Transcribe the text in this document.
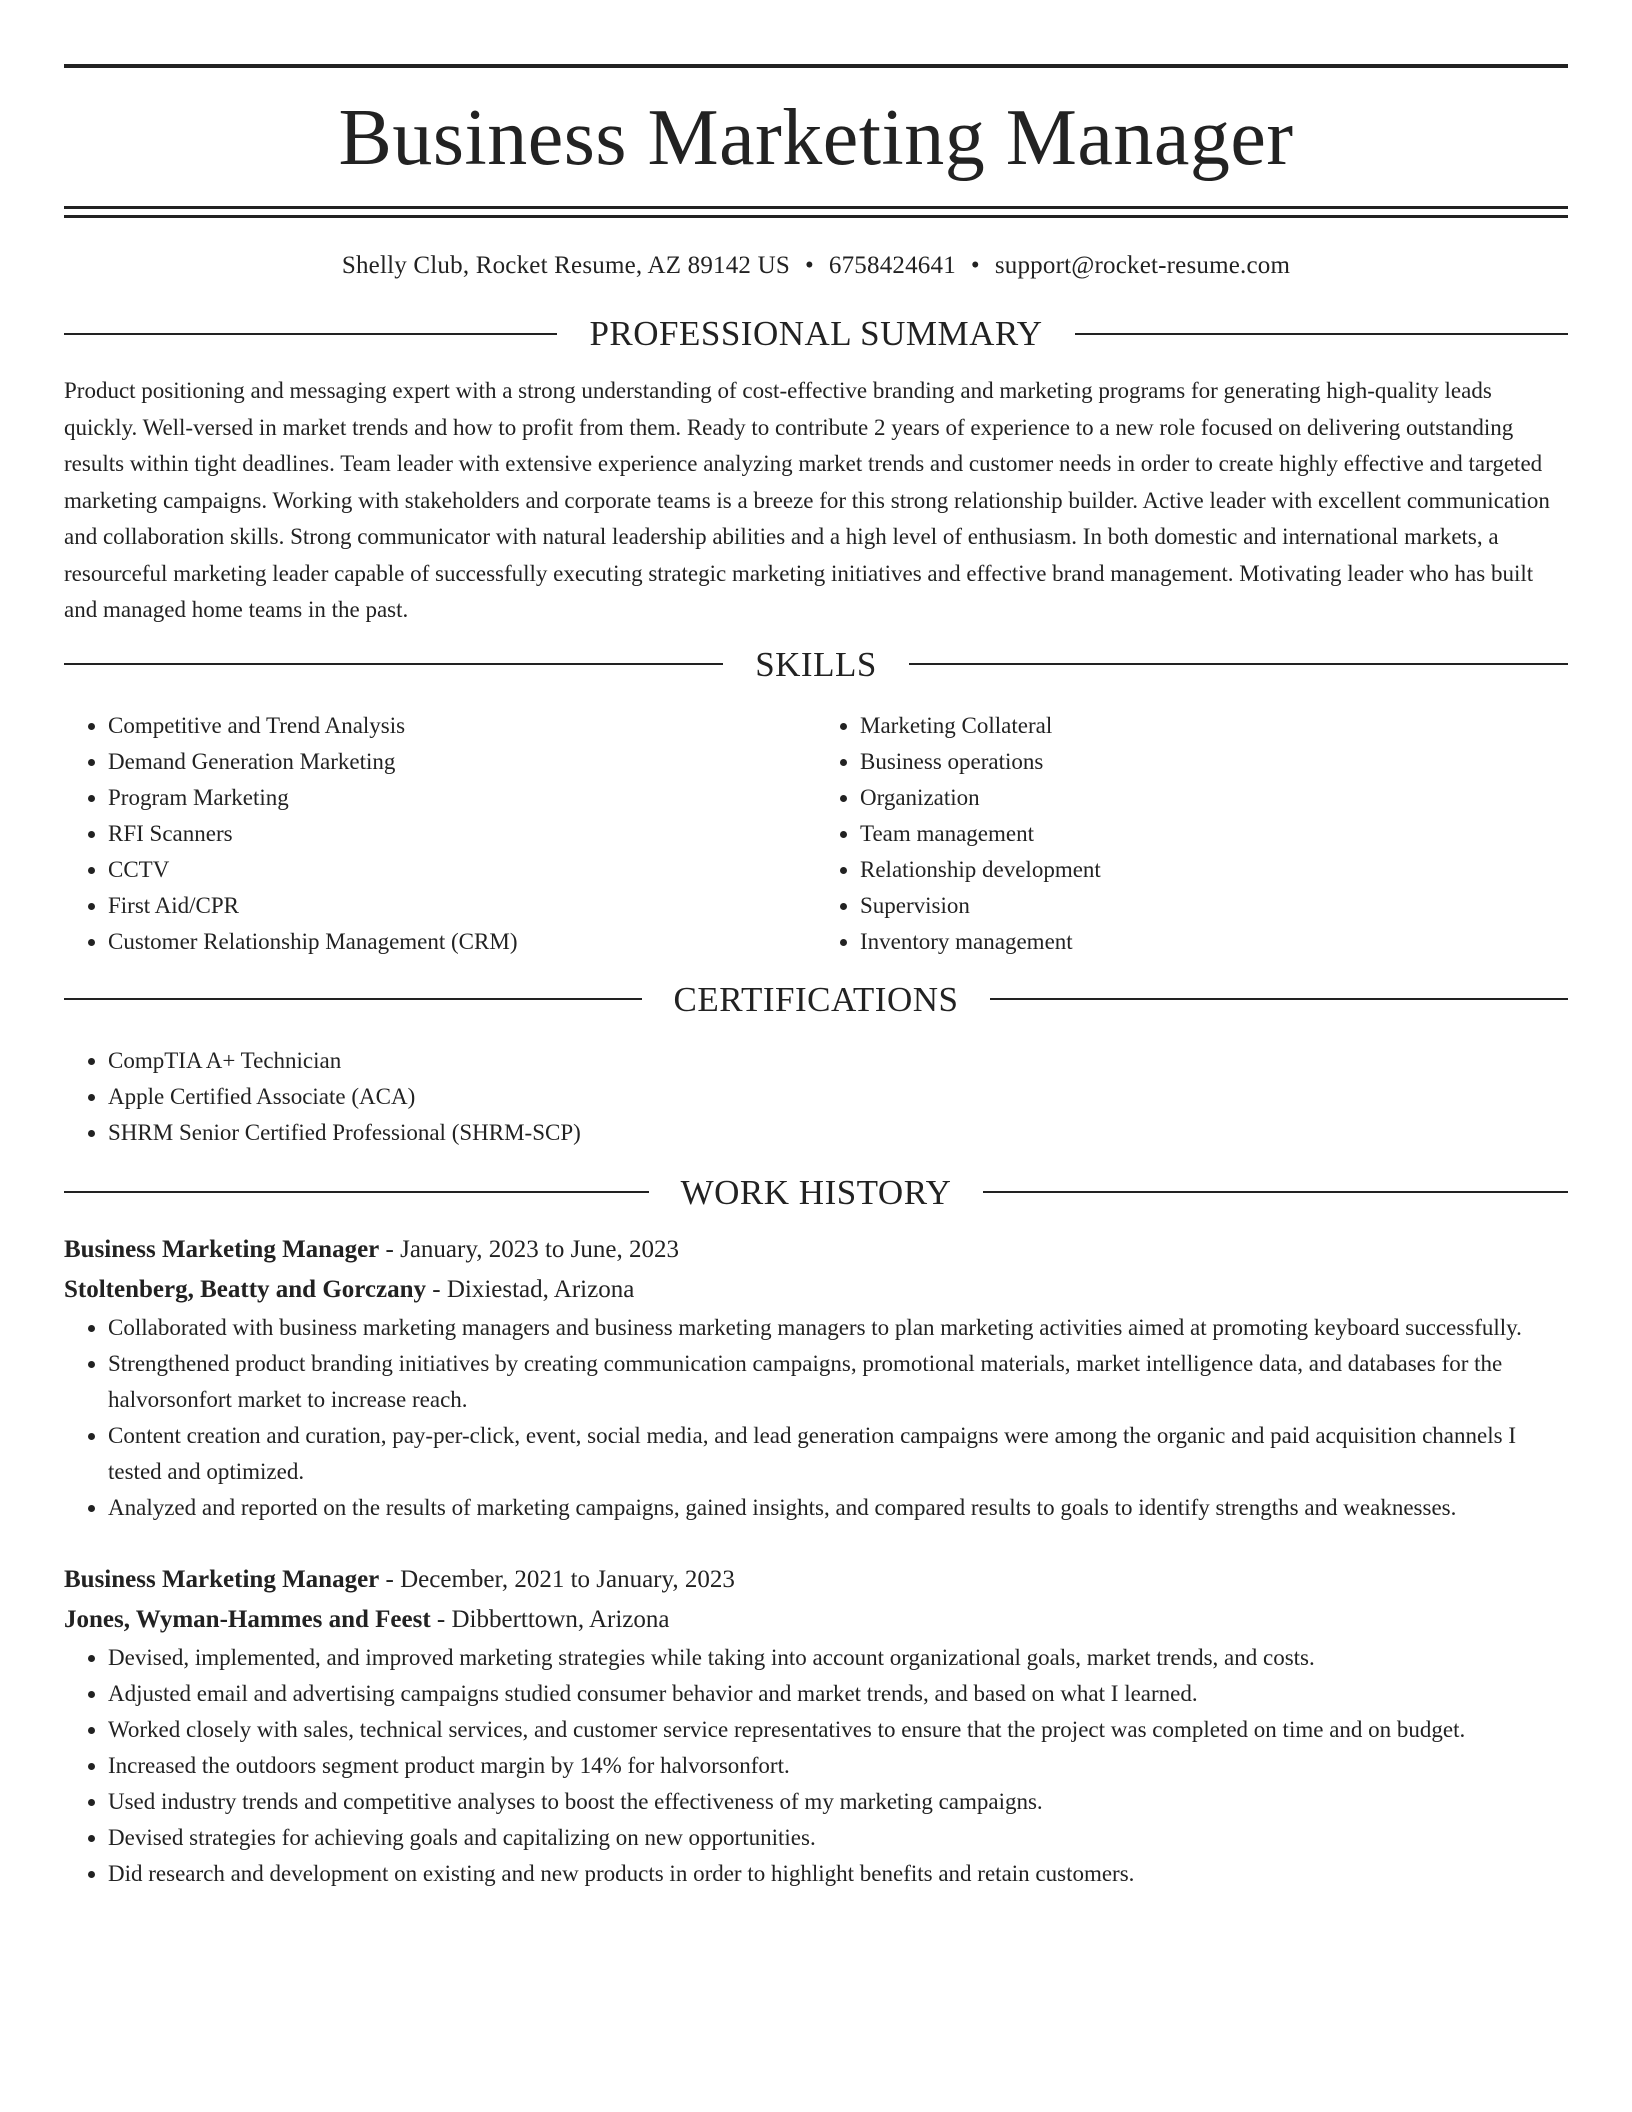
Business Marketing Manager
Shelly Club, Rocket Resume, AZ 89142 US • 6758424641 • support@rocket-resume.com
PROFESSIONAL SUMMARY

Product positioning and messaging expert with a strong understanding of cost-effective branding and marketing programs for generating high-quality leads quickly. Well-versed in market trends and how to profit from them. Ready to contribute 2 years of experience to a new role focused on delivering outstanding results within tight deadlines. Team leader with extensive experience analyzing market trends and customer needs in order to create highly effective and targeted marketing campaigns. Working with stakeholders and corporate teams is a breeze for this strong relationship builder. Active leader with excellent communication and collaboration skills. Strong communicator with natural leadership abilities and a high level of enthusiasm. In both domestic and international markets, a resourceful marketing leader capable of successfully executing strategic marketing initiatives and effective brand management. Motivating leader who has built and managed home teams in the past.

SKILLS
• Competitive and Trend Analysis
• Demand Generation Marketing
• Program Marketing
• RFI Scanners
• CCTV
• First Aid/CPR
• Customer Relationship Management (CRM)
• Marketing Collateral
• Business operations
• Organization
• Team management
• Relationship development
• Supervision
• Inventory management
CERTIFICATIONS
• CompTIA A+ Technician
• Apple Certified Associate (ACA)
• SHRM Senior Certified Professional (SHRM-SCP)
WORK HISTORY
Business Marketing Manager - January, 2023 to June, 2023
Stoltenberg, Beatty and Gorczany - Dixiestad, Arizona
• Collaborated with business marketing managers and business marketing managers to plan marketing activities aimed at promoting keyboard successfully.
• Strengthened product branding initiatives by creating communication campaigns, promotional materials, market intelligence data, and databases for the halvorsonfort market to increase reach.
• Content creation and curation, pay-per-click, event, social media, and lead generation campaigns were among the organic and paid acquisition channels I tested and optimized.
• Analyzed and reported on the results of marketing campaigns, gained insights, and compared results to goals to identify strengths and weaknesses.
Business Marketing Manager - December, 2021 to January, 2023
Jones, Wyman-Hammes and Feest - Dibberttown, Arizona
• Devised, implemented, and improved marketing strategies while taking into account organizational goals, market trends, and costs.
• Adjusted email and advertising campaigns studied consumer behavior and market trends, and based on what I learned.
• Worked closely with sales, technical services, and customer service representatives to ensure that the project was completed on time and on budget.
• Increased the outdoors segment product margin by 14% for halvorsonfort.
• Used industry trends and competitive analyses to boost the effectiveness of my marketing campaigns.
• Devised strategies for achieving goals and capitalizing on new opportunities.
• Did research and development on existing and new products in order to highlight benefits and retain customers.
